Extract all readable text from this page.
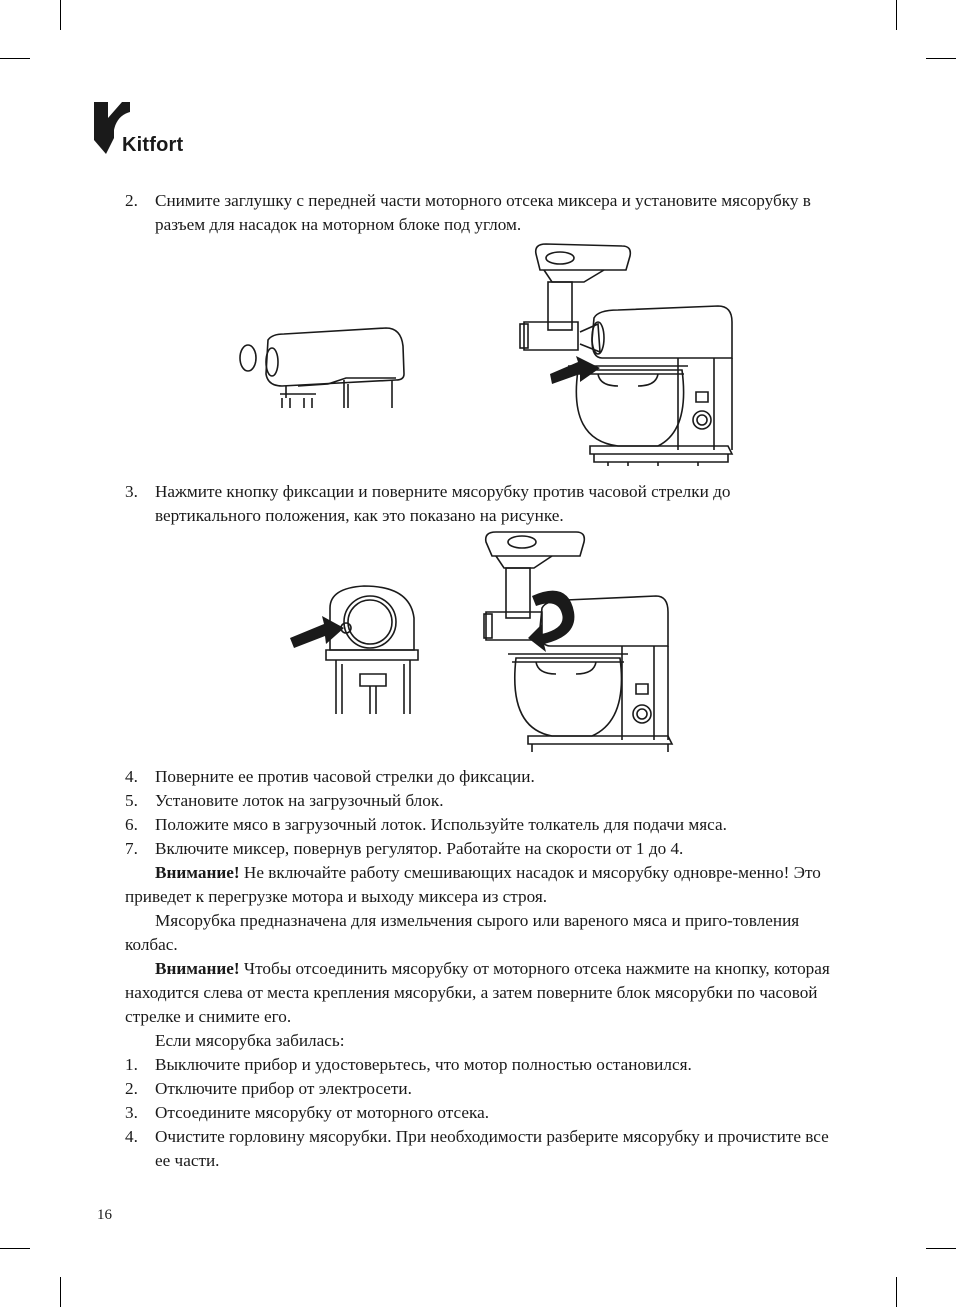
Kitfort
2. Снимите заглушку с передней части моторного отсека миксера и установите мясорубку в разъем для насадок на моторном блоке под углом.
3. Нажмите кнопку фиксации и поверните мясорубку против часовой стрелки до вертикального положения, как это показано на рисунке.
4. Поверните ее против часовой стрелки до фиксации.
5. Установите лоток на загрузочный блок.
6. Положите мясо в загрузочный лоток. Используйте толкатель для подачи мяса.
7. Включите миксер, повернув регулятор. Работайте на скорости от 1 до 4.
Внимание! Не включайте работу смешивающих насадок и мясорубку одновре-менно! Это приведет к перегрузке мотора и выходу миксера из строя.
Мясорубка предназначена для измельчения сырого или вареного мяса и приго-товления колбас.
Внимание! Чтобы отсоединить мясорубку от моторного отсека нажмите на кнопку, которая находится слева от места крепления мясорубки, а затем поверните блок мясорубки по часовой стрелке и снимите его.
Если мясорубка забилась:
1. Выключите прибор и удостоверьтесь, что мотор полностью остановился.
2. Отключите прибор от электросети.
3. Отсоедините мясорубку от моторного отсека.
4. Очистите горловину мясорубки. При необходимости разберите мясорубку и прочистите все ее части.
16
